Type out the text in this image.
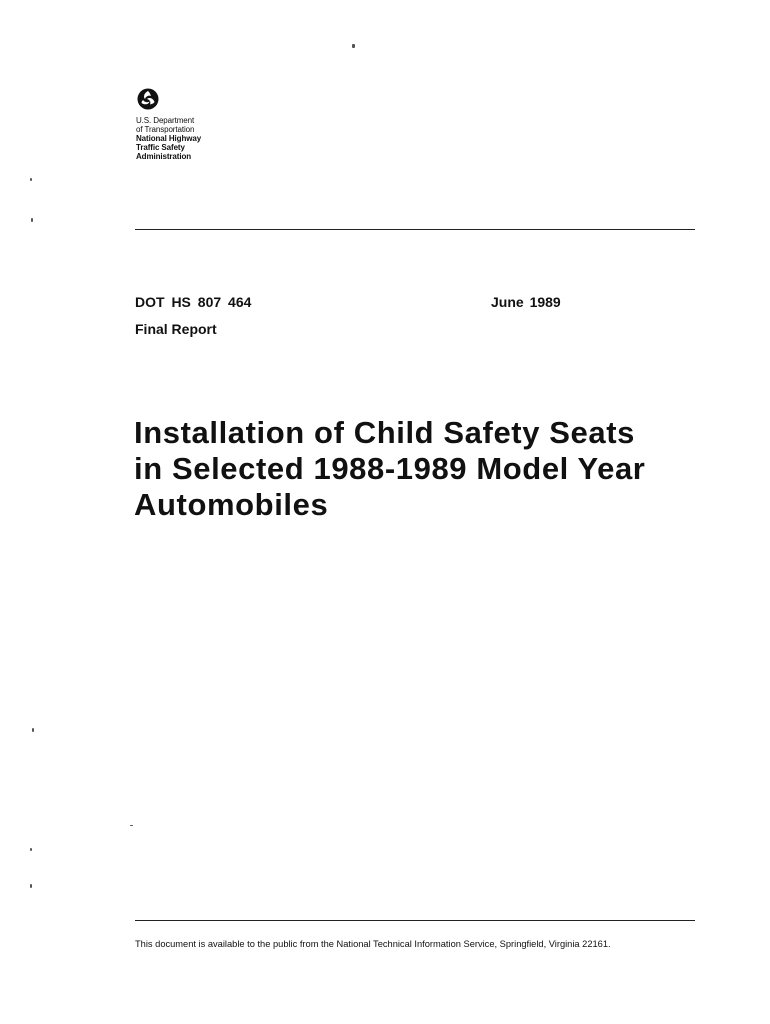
U.S. Department
of Transportation
National Highway
Traffic Safety
Administration
DOT HS 807 464	June 1989
Final Report
Installation of Child Safety Seats
in Selected 1988-1989 Model Year
Automobiles
This document is available to the public from the National Technical Information Service, Springfield, Virginia 22161.
